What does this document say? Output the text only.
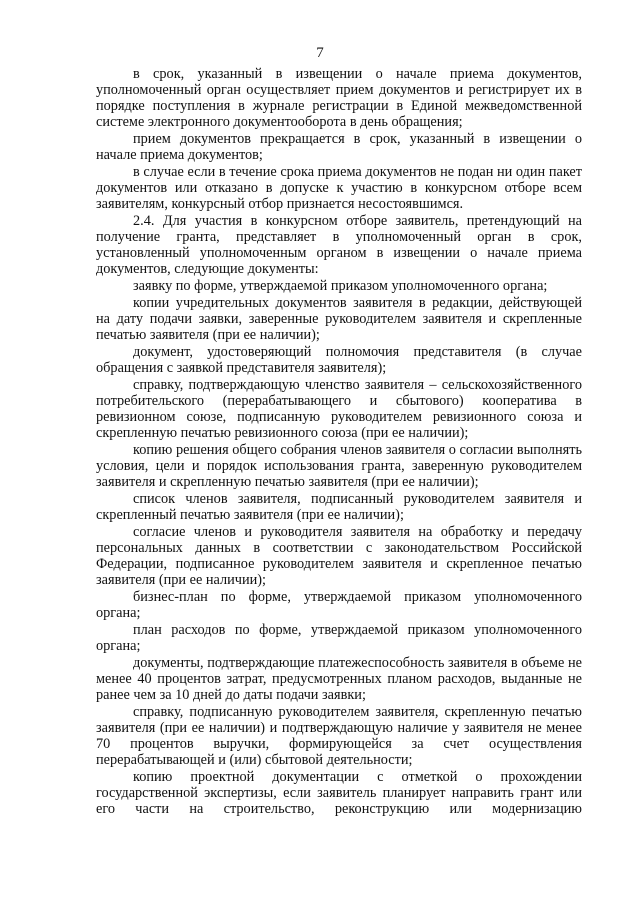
7

в срок, указанный в извещении о начале приема документов, уполномоченный орган осуществляет прием документов и регистрирует их в порядке поступления в журнале регистрации в Единой межведомственной системе электронного документооборота в день обращения;

прием документов прекращается в срок, указанный в извещении о начале приема документов;

в случае если в течение срока приема документов не подан ни один пакет документов или отказано в допуске к участию в конкурсном отборе всем заявителям, конкурсный отбор признается несостоявшимся.

2.4. Для участия в конкурсном отборе заявитель, претендующий на получение гранта, представляет в уполномоченный орган в срок, установленный уполномоченным органом в извещении о начале приема документов, следующие документы:

заявку по форме, утверждаемой приказом уполномоченного органа;

копии учредительных документов заявителя в редакции, действующей на дату подачи заявки, заверенные руководителем заявителя и скрепленные печатью заявителя (при ее наличии);

документ, удостоверяющий полномочия представителя (в случае обращения с заявкой представителя заявителя);

справку, подтверждающую членство заявителя – сельскохозяйственного потребительского (перерабатывающего и сбытового) кооператива в ревизионном союзе, подписанную руководителем ревизионного союза и скрепленную печатью ревизионного союза (при ее наличии);

копию решения общего собрания членов заявителя о согласии выполнять условия, цели и порядок использования гранта, заверенную руководителем заявителя и скрепленную печатью заявителя (при ее наличии);

список членов заявителя, подписанный руководителем заявителя и скрепленный печатью заявителя (при ее наличии);

согласие членов и руководителя заявителя на обработку и передачу персональных данных в соответствии с законодательством Российской Федерации, подписанное руководителем заявителя и скрепленное печатью заявителя (при ее наличии);

бизнес-план по форме, утверждаемой приказом уполномоченного органа;

план расходов по форме, утверждаемой приказом уполномоченного органа;

документы, подтверждающие платежеспособность заявителя в объеме не менее 40 процентов затрат, предусмотренных планом расходов, выданные не ранее чем за 10 дней до даты подачи заявки;

справку, подписанную руководителем заявителя, скрепленную печатью заявителя (при ее наличии) и подтверждающую наличие у заявителя не менее 70 процентов выручки, формирующейся за счет осуществления перерабатывающей и (или) сбытовой деятельности;

копию проектной документации с отметкой о прохождении государственной экспертизы, если заявитель планирует направить грант или его части на строительство, реконструкцию или модернизацию
